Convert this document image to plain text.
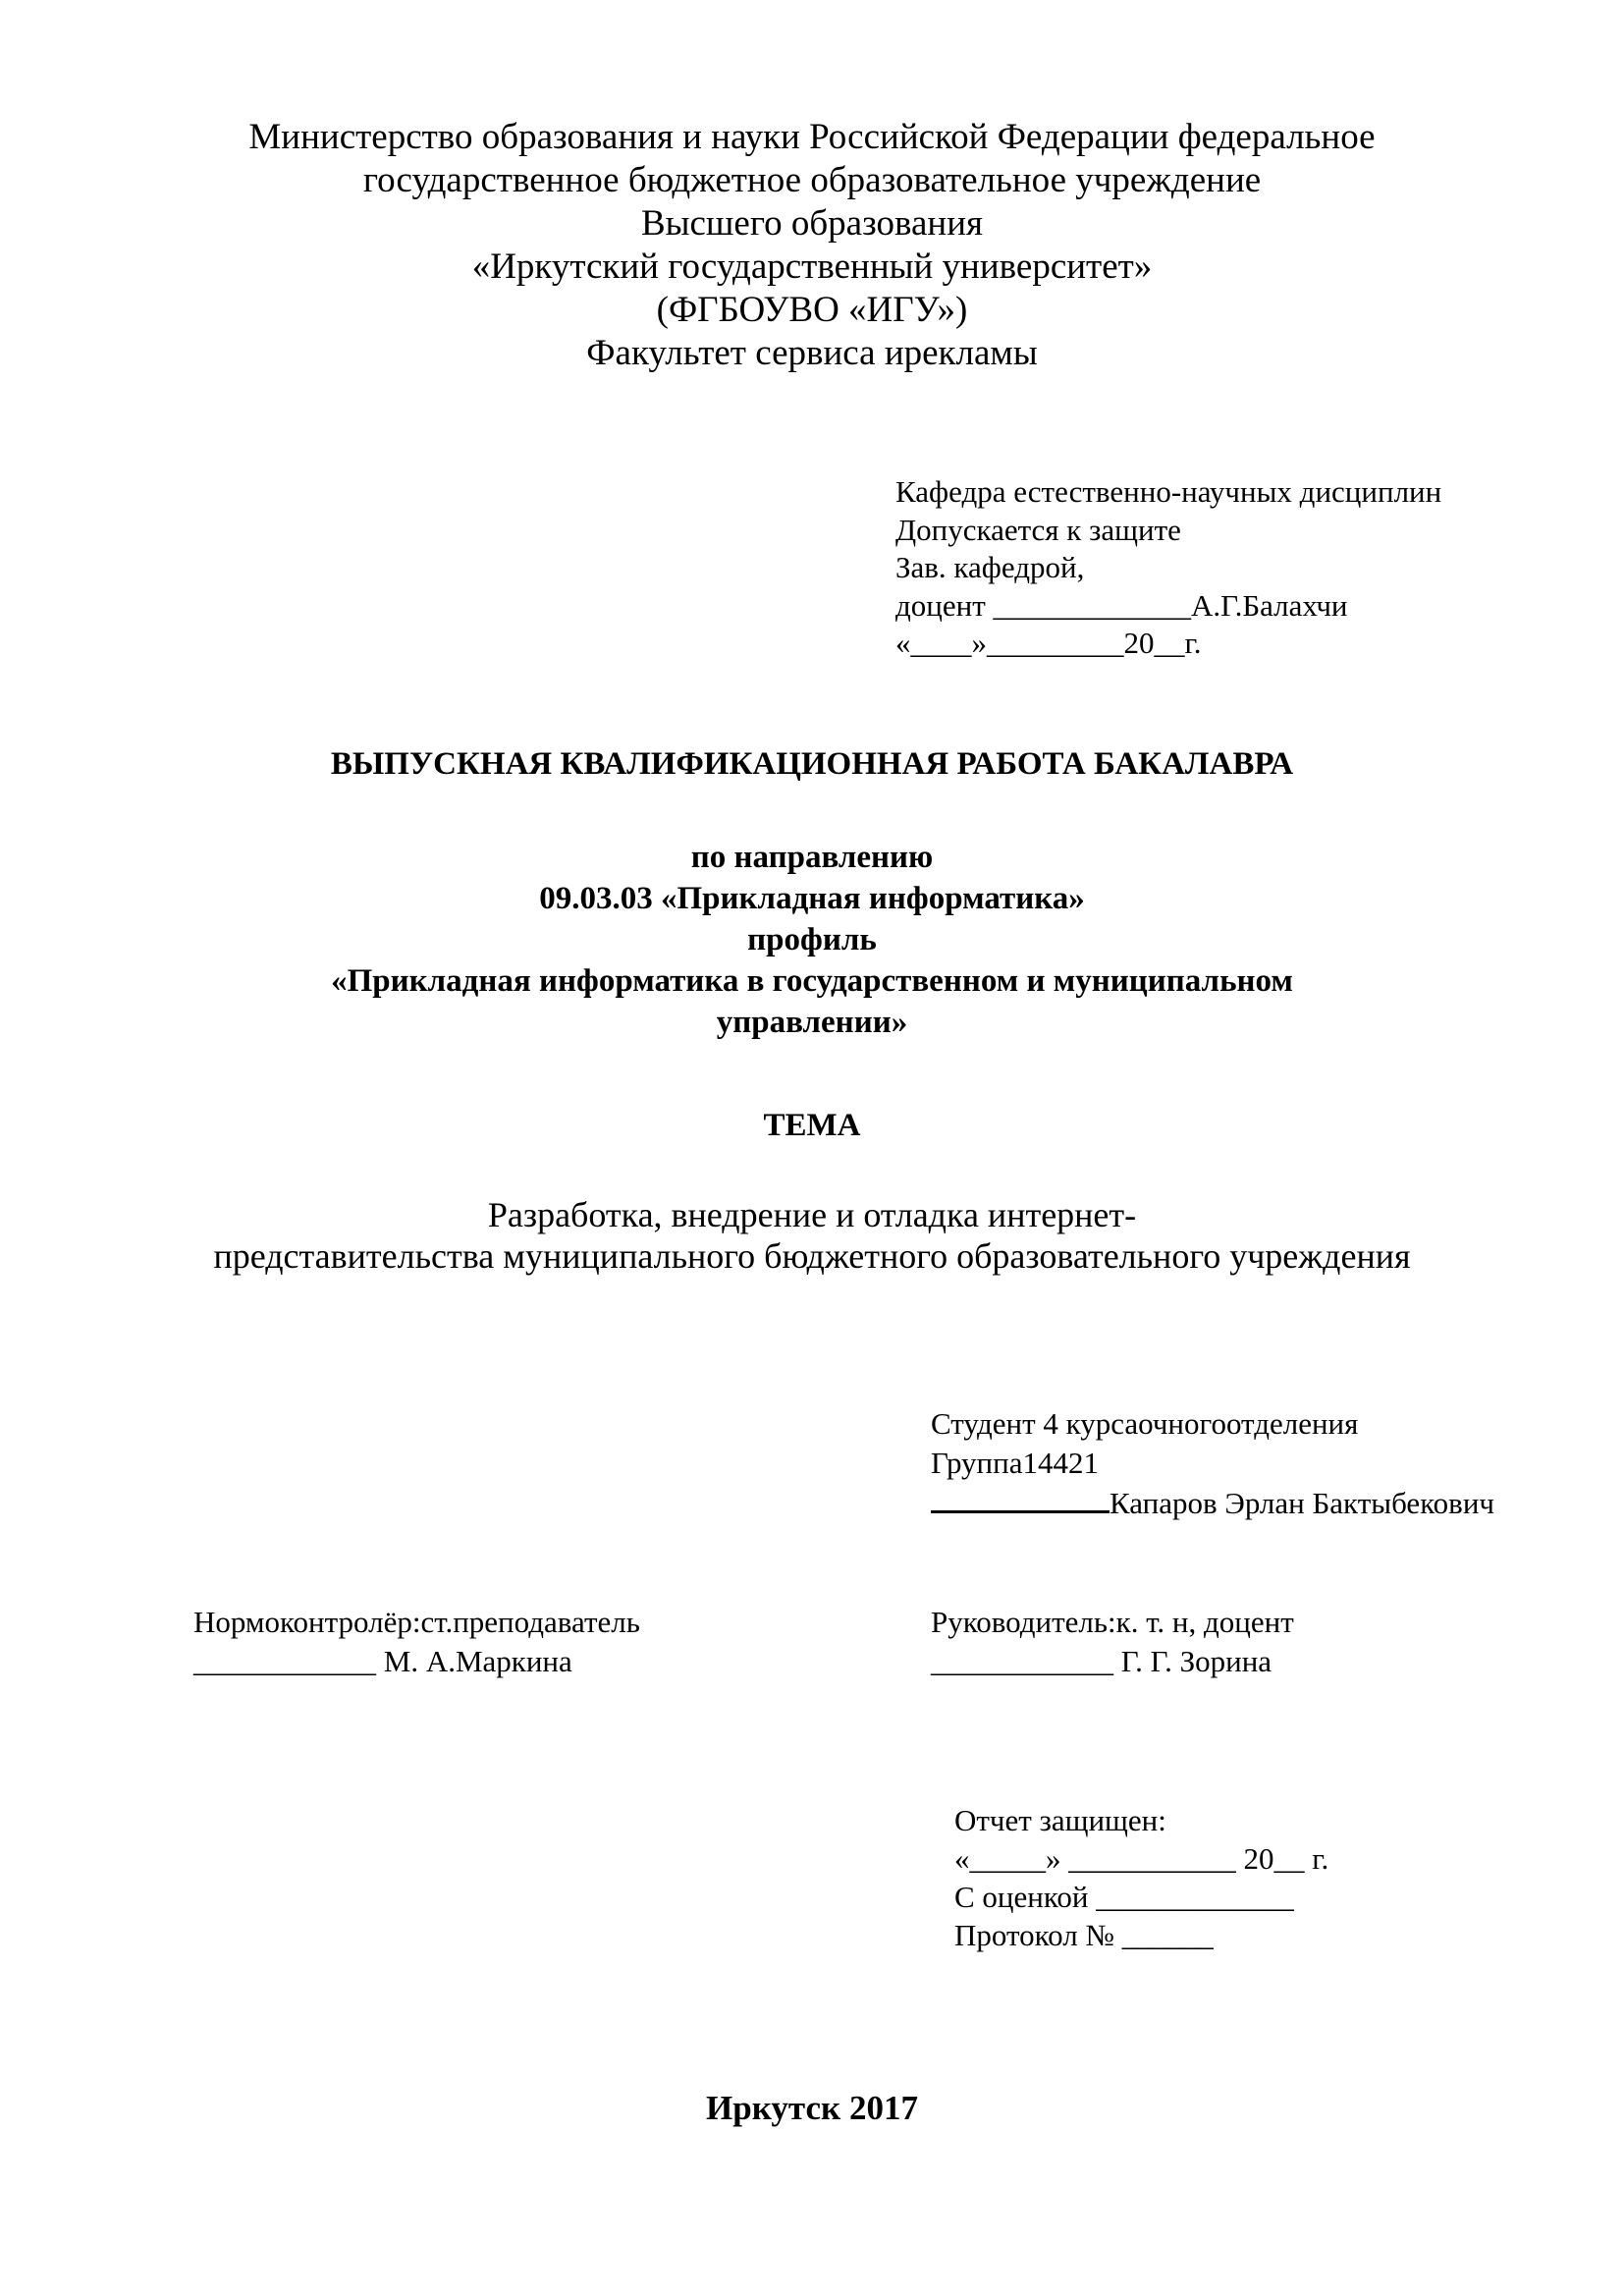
Министерство образования и науки Российской Федерации федеральное
государственное бюджетное образовательное учреждение
Высшего образования
«Иркутский государственный университет»
(ФГБОУВО «ИГУ»)
Факультет сервиса ирекламы
Кафедра естественно-научных дисциплин
Допускается к защите
Зав. кафедрой,
доцент _____________А.Г.Балахчи
«____»_________20__г.
ВЫПУСКНАЯ КВАЛИФИКАЦИОННАЯ РАБОТА БАКАЛАВРА
по направлению
09.03.03 «Прикладная информатика»
профиль
«Прикладная информатика в государственном и муниципальном
управлении»
ТЕМА
Разработка, внедрение и отладка интернет-
представительства муниципального бюджетного образовательного учреждения
Студент 4 курсаочногоотделения
Группа14421
Капаров Эрлан Бактыбекович
Нормоконтролёр:ст.преподаватель
____________ М. А.Маркина
Руководитель:к. т. н, доцент
____________ Г. Г. Зорина
Отчет защищен:
«_____» ___________ 20__ г.
С оценкой _____________
Протокол № ______
Иркутск 2017
